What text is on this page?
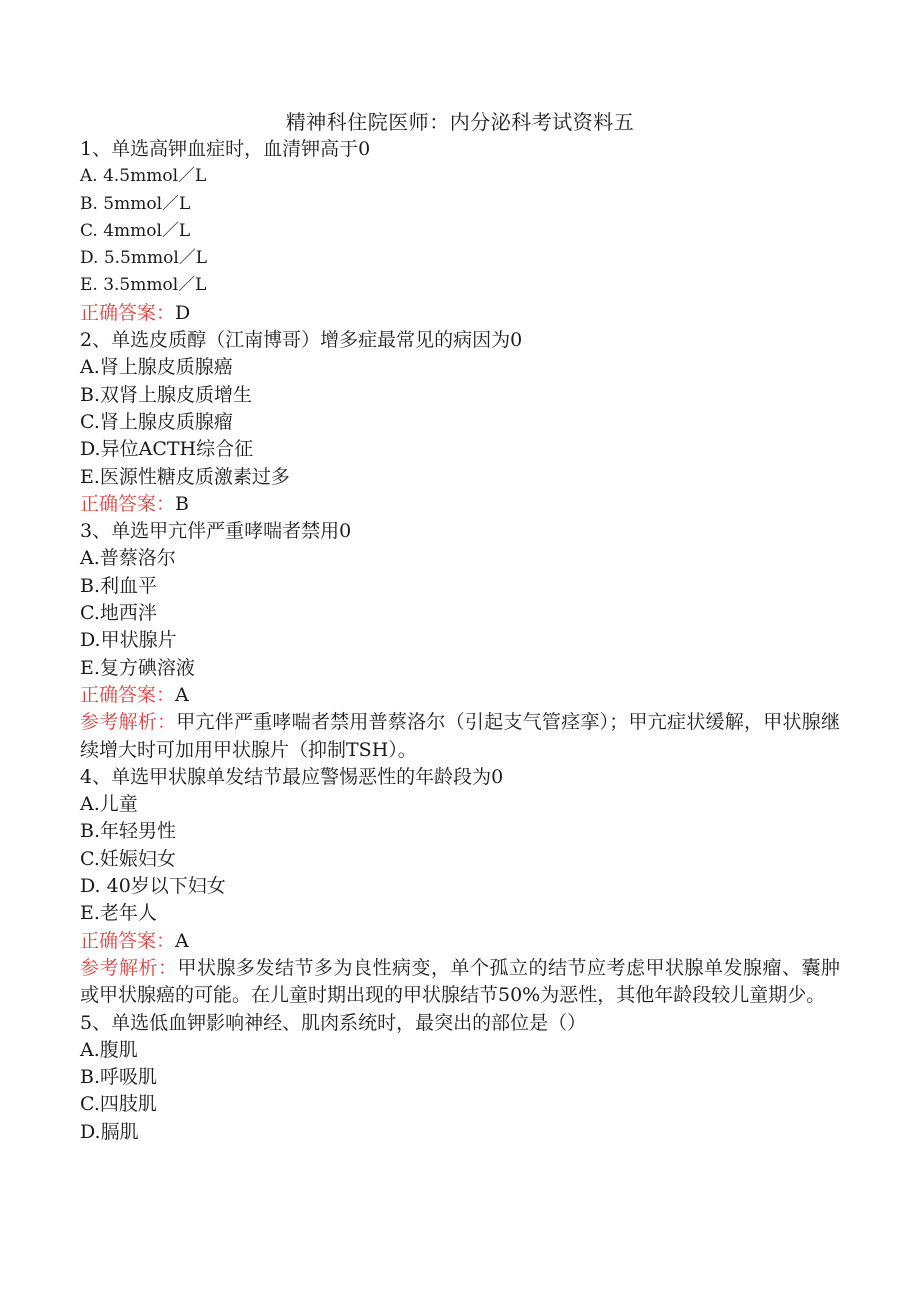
精神科住院医师：内分泌科考试资料五
1、单选高钾血症时，血清钾高于0
A. 4.5mmol／L
B. 5mmol／L
C. 4mmol／L
D. 5.5mmol／L
E. 3.5mmol／L
正确答案：D
2、单选皮质醇（江南博哥）增多症最常见的病因为0
A.肾上腺皮质腺癌
B.双肾上腺皮质增生
C.肾上腺皮质腺瘤
D.异位ACTH综合征
E.医源性糖皮质激素过多
正确答案：B
3、单选甲亢伴严重哮喘者禁用0
A.普蔡洛尔
B.利血平
C.地西泮
D.甲状腺片
E.复方碘溶液
正确答案：A
参考解析：甲亢伴严重哮喘者禁用普蔡洛尔（引起支气管痉挛）；甲亢症状缓解，甲状腺继续增大时可加用甲状腺片（抑制TSH）。
4、单选甲状腺单发结节最应警惕恶性的年龄段为0
A.儿童
B.年轻男性
C.妊娠妇女
D. 40岁以下妇女
E.老年人
正确答案：A
参考解析：甲状腺多发结节多为良性病变，单个孤立的结节应考虑甲状腺单发腺瘤、囊肿或甲状腺癌的可能。在儿童时期出现的甲状腺结节50%为恶性，其他年龄段较儿童期少。
5、单选低血钾影响神经、肌肉系统时，最突出的部位是（）
A.腹肌
B.呼吸肌
C.四肢肌
D.膈肌
